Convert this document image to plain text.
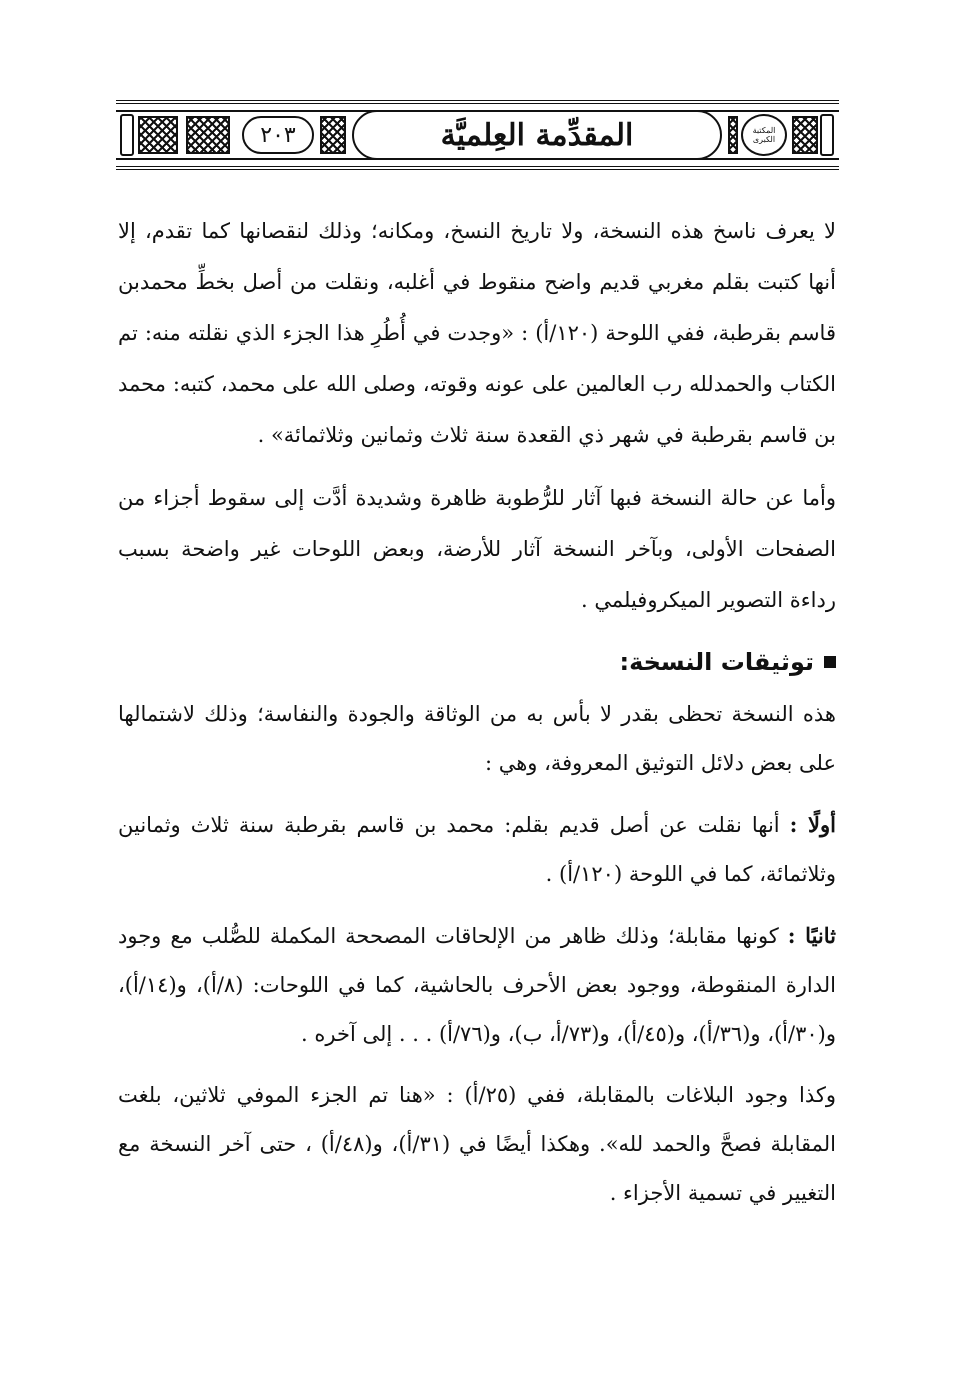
٢٠٣	المقدِّمة العِلميَّة	المكتبة
الكبرى

لا يعرف ناسخ هذه النسخة، ولا تاريخ النسخ، ومكانه؛ وذلك لنقصانها كما تقدم، إلا أنها كتبت بقلم مغربي قديم واضح منقوط في أغلبه، ونقلت من أصل بخطِّ محمدبن قاسم بقرطبة، ففي اللوحة (١٢٠/أ) : «وجدت في أُطُرِ هذا الجزء الذي نقلته منه: تم الكتاب والحمدلله رب العالمين على عونه وقوته، وصلى الله على محمد، كتبه: محمد بن قاسم بقرطبة في شهر ذي القعدة سنة ثلاث وثمانين وثلاثمائة» .

وأما عن حالة النسخة فبها آثار للرُّطوبة ظاهرة وشديدة أدَّت إلى سقوط أجزاء من الصفحات الأولى، وبآخر النسخة آثار للأرضة، وبعض اللوحات غير واضحة بسبب رداءة التصوير الميكروفيلمي .

توثيقات النسخة:

هذه النسخة تحظى بقدر لا بأس به من الوثاقة والجودة والنفاسة؛ وذلك لاشتمالها على بعض دلائل التوثيق المعروفة، وهي :

أولًا : أنها نقلت عن أصل قديم بقلم: محمد بن قاسم بقرطبة سنة ثلاث وثمانين وثلاثمائة، كما في اللوحة (١٢٠/أ) .

ثانيًا : كونها مقابلة؛ وذلك ظاهر من الإلحاقات المصححة المكملة للصُّلب مع وجود الدارة المنقوطة، ووجود بعض الأحرف بالحاشية، كما في اللوحات: (٨/أ)، و(١٤/أ)، و(٣٠/أ)، و(٣٦/أ)، و(٤٥/أ)، و(٧٣/أ، ب)، و(٧٦/أ) . . . إلى آخره .

وكذا وجود البلاغات بالمقابلة، ففي (٢٥/أ) : «هنا تم الجزء الموفي ثلاثين، بلغت المقابلة فصحَّ والحمد لله». وهكذا أيضًا في (٣١/أ)، و(٤٨/أ) ، حتى آخر النسخة مع التغيير في تسمية الأجزاء .
